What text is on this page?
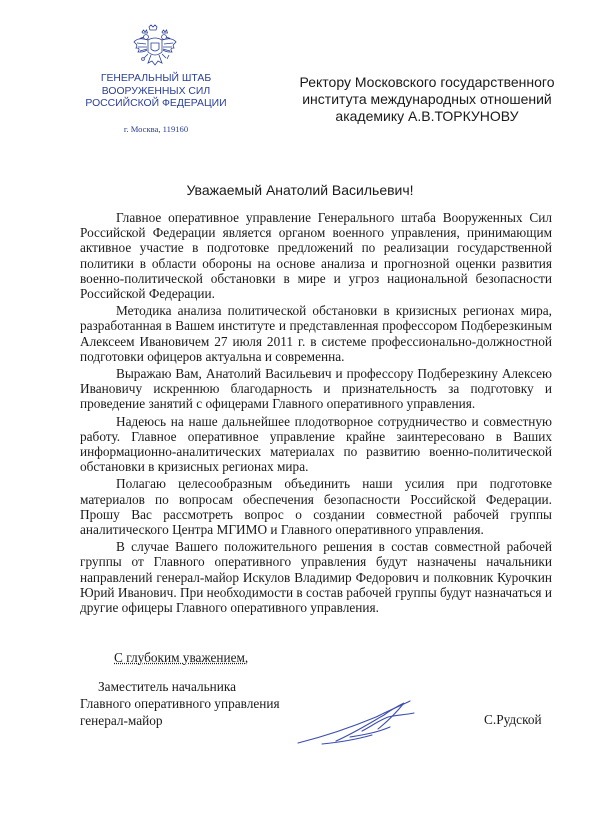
ГЕНЕРАЛЬНЫЙ ШТАБ
ВООРУЖЕННЫХ СИЛ
РОССИЙСКОЙ ФЕДЕРАЦИИ
г. Москва, 119160
Ректору Московского государственного
института международных отношений
академику А.В.ТОРКУНОВУ
Уважаемый Анатолий Васильевич!

Главное оперативное управление Генерального штаба Вооруженных Сил Российской Федерации является органом военного управления, принимающим активное участие в подготовке предложений по реализации государственной политики в области обороны на основе анализа и прогнозной оценки развития военно-политической обстановки в мире и угроз национальной безопасности Российской Федерации.

Методика анализа политической обстановки в кризисных регионах мира, разработанная в Вашем институте и представленная профессором Подберезкиным Алексеем Ивановичем 27 июля 2011 г. в системе профессионально-должностной подготовки офицеров актуальна и современна.

Выражаю Вам, Анатолий Васильевич и профессору Подберезкину Алексею Ивановичу искреннюю благодарность и признательность за подготовку и проведение занятий с офицерами Главного оперативного управления.

Надеюсь на наше дальнейшее плодотворное сотрудничество и совместную работу. Главное оперативное управление крайне заинтересовано в Ваших информационно-аналитических материалах по развитию военно-политической обстановки в кризисных регионах мира.

Полагаю целесообразным объединить наши усилия при подготовке материалов по вопросам обеспечения безопасности Российской Федерации. Прошу Вас рассмотреть вопрос о создании совместной рабочей группы аналитического Центра МГИМО и Главного оперативного управления.

В случае Вашего положительного решения в состав совместной рабочей группы от Главного оперативного управления будут назначены начальники направлений генерал-майор Искулов Владимир Федорович и полковник Курочкин Юрий Иванович. При необходимости в состав рабочей группы будут назначаться и другие офицеры Главного оперативного управления.

С глубоким уважением,
Заместитель начальника
Главного оперативного управления
генерал-майор	С.Рудской
